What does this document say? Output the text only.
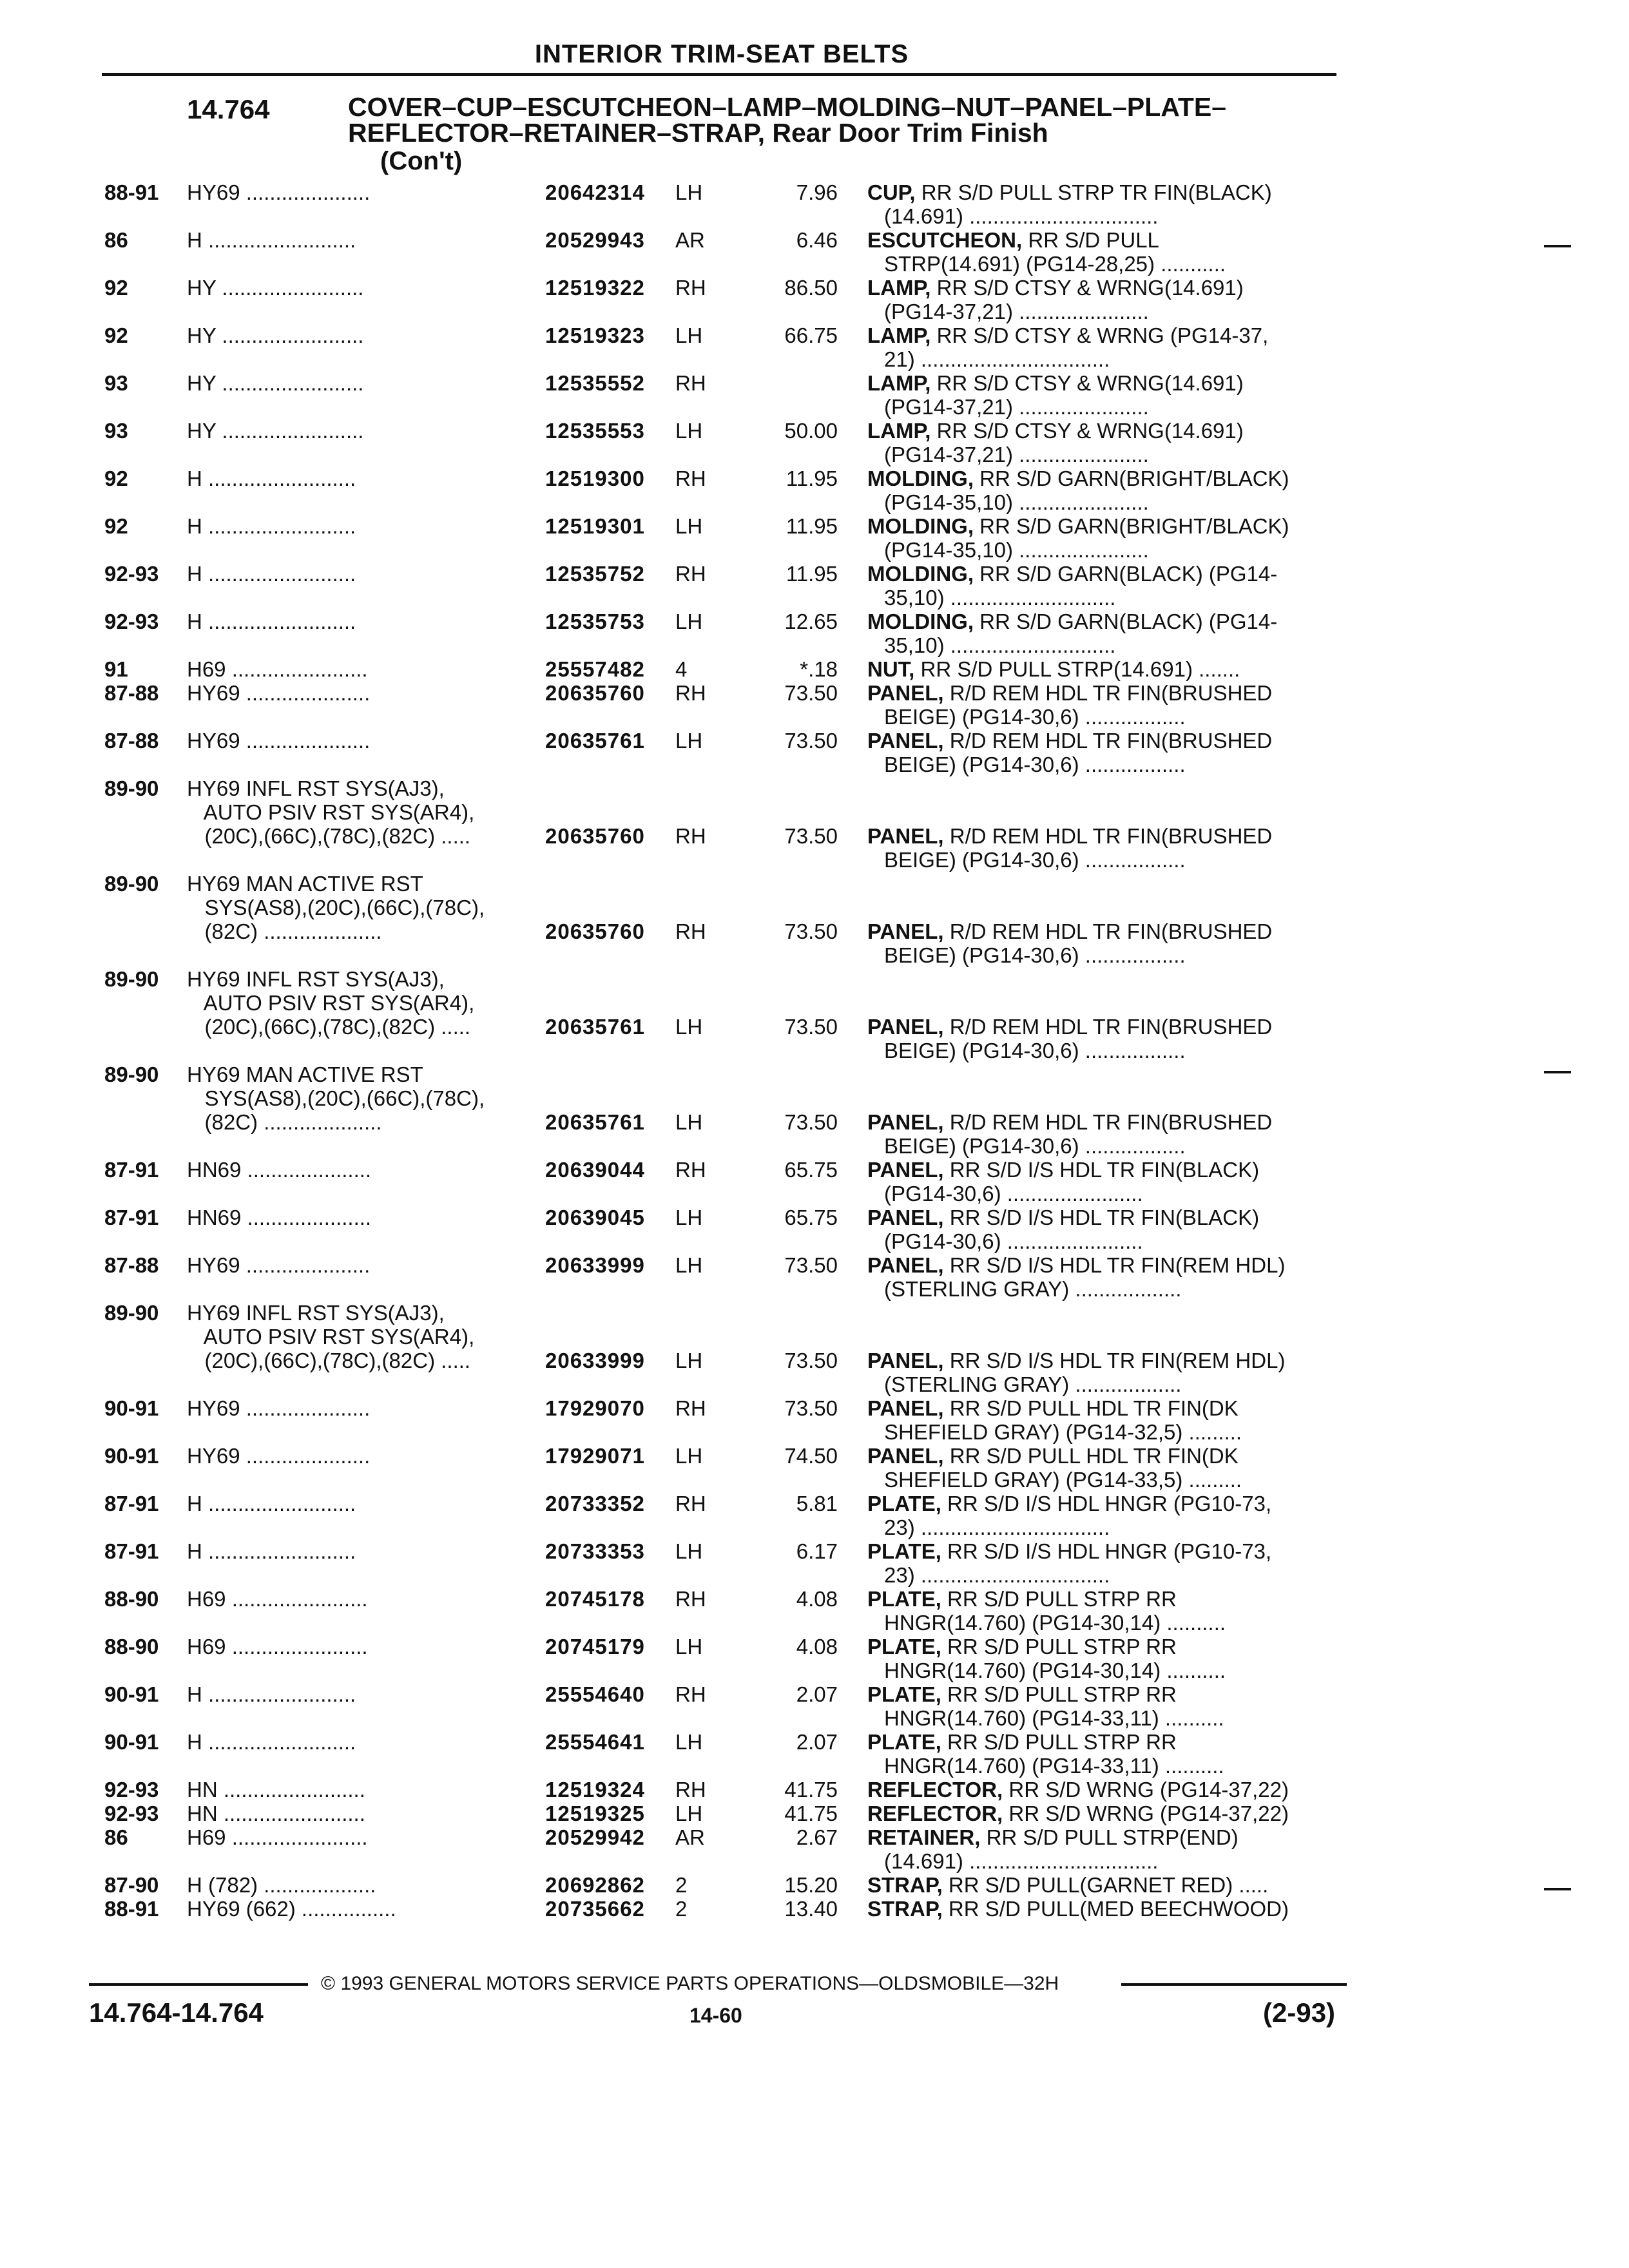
INTERIOR TRIM-SEAT BELTS
14.764	COVER–CUP–ESCUTCHEON–LAMP–MOLDING–NUT–PANEL–PLATE–REFLECTOR–RETAINER–STRAP, Rear Door Trim Finish
(Con't)
88-91 HY69 .....................	20642314 LH	7.96 CUP, RR S/D PULL STRP TR FIN(BLACK)
(14.691) ................................
86	H .........................	20529943 AR	6.46 ESCUTCHEON, RR S/D PULL
STRP(14.691) (PG14-28,25) ...........
92	HY ........................	12519322 RH	86.50 LAMP, RR S/D CTSY & WRNG(14.691)
(PG14-37,21) ......................
92	HY ........................	12519323 LH	66.75 LAMP, RR S/D CTSY & WRNG (PG14-37,
21) ................................
93	HY ........................	12535552 RH	LAMP, RR S/D CTSY & WRNG(14.691)
(PG14-37,21) ......................
93	HY ........................	12535553 LH	50.00 LAMP, RR S/D CTSY & WRNG(14.691)
(PG14-37,21) ......................
92	H .........................	12519300 RH	11.95 MOLDING, RR S/D GARN(BRIGHT/BLACK)
(PG14-35,10) ......................
92	H .........................	12519301 LH	11.95 MOLDING, RR S/D GARN(BRIGHT/BLACK)
(PG14-35,10) ......................
92-93 H .........................	12535752 RH	11.95 MOLDING, RR S/D GARN(BLACK) (PG14-
35,10) ............................
92-93 H .........................	12535753 LH	12.65 MOLDING, RR S/D GARN(BLACK) (PG14-
35,10) ............................
91	H69 .......................	25557482 4	*.18 NUT, RR S/D PULL STRP(14.691) .......
87-88 HY69 .....................	20635760 RH	73.50 PANEL, R/D REM HDL TR FIN(BRUSHED
BEIGE) (PG14-30,6) .................
87-88 HY69 .....................	20635761 LH	73.50 PANEL, R/D REM HDL TR FIN(BRUSHED
BEIGE) (PG14-30,6) .................
89-90 HY69 INFL RST SYS(AJ3),
AUTO PSIV RST SYS(AR4),
(20C),(66C),(78C),(82C) .....	20635760 RH	73.50 PANEL, R/D REM HDL TR FIN(BRUSHED
BEIGE) (PG14-30,6) .................
89-90 HY69 MAN ACTIVE RST
SYS(AS8),(20C),(66C),(78C),
(82C) ....................	20635760 RH	73.50 PANEL, R/D REM HDL TR FIN(BRUSHED
BEIGE) (PG14-30,6) .................
89-90 HY69 INFL RST SYS(AJ3),
AUTO PSIV RST SYS(AR4),
(20C),(66C),(78C),(82C) .....	20635761 LH	73.50 PANEL, R/D REM HDL TR FIN(BRUSHED
BEIGE) (PG14-30,6) .................
89-90 HY69 MAN ACTIVE RST
SYS(AS8),(20C),(66C),(78C),
(82C) ....................	20635761 LH	73.50 PANEL, R/D REM HDL TR FIN(BRUSHED
BEIGE) (PG14-30,6) .................
87-91 HN69 .....................	20639044 RH	65.75 PANEL, RR S/D I/S HDL TR FIN(BLACK)
(PG14-30,6) .......................
87-91 HN69 .....................	20639045 LH	65.75 PANEL, RR S/D I/S HDL TR FIN(BLACK)
(PG14-30,6) .......................
87-88 HY69 .....................	20633999 LH	73.50 PANEL, RR S/D I/S HDL TR FIN(REM HDL)
(STERLING GRAY) ..................
89-90 HY69 INFL RST SYS(AJ3),
AUTO PSIV RST SYS(AR4),
(20C),(66C),(78C),(82C) .....	20633999 LH	73.50 PANEL, RR S/D I/S HDL TR FIN(REM HDL)
(STERLING GRAY) ..................
90-91 HY69 .....................	17929070 RH	73.50 PANEL, RR S/D PULL HDL TR FIN(DK
SHEFIELD GRAY) (PG14-32,5) .........
90-91 HY69 .....................	17929071 LH	74.50 PANEL, RR S/D PULL HDL TR FIN(DK
SHEFIELD GRAY) (PG14-33,5) .........
87-91 H .........................	20733352 RH	5.81 PLATE, RR S/D I/S HDL HNGR (PG10-73,
23) ................................
87-91 H .........................	20733353 LH	6.17 PLATE, RR S/D I/S HDL HNGR (PG10-73,
23) ................................
88-90 H69 .......................	20745178 RH	4.08 PLATE, RR S/D PULL STRP RR
HNGR(14.760) (PG14-30,14) ..........
88-90 H69 .......................	20745179 LH	4.08 PLATE, RR S/D PULL STRP RR
HNGR(14.760) (PG14-30,14) ..........
90-91 H .........................	25554640 RH	2.07 PLATE, RR S/D PULL STRP RR
HNGR(14.760) (PG14-33,11) ..........
90-91 H .........................	25554641 LH	2.07 PLATE, RR S/D PULL STRP RR
HNGR(14.760) (PG14-33,11) ..........
92-93 HN ........................	12519324 RH	41.75 REFLECTOR, RR S/D WRNG (PG14-37,22)
92-93 HN ........................	12519325 LH	41.75 REFLECTOR, RR S/D WRNG (PG14-37,22)
86	H69 .......................	20529942 AR	2.67 RETAINER, RR S/D PULL STRP(END)
(14.691) ................................
87-90 H (782) ...................	20692862 2	15.20 STRAP, RR S/D PULL(GARNET RED) .....
88-91 HY69 (662) ................	20735662 2	13.40 STRAP, RR S/D PULL(MED BEECHWOOD)
© 1993 GENERAL MOTORS SERVICE PARTS OPERATIONS—OLDSMOBILE—32H
14.764-14.764	14-60	(2-93)
